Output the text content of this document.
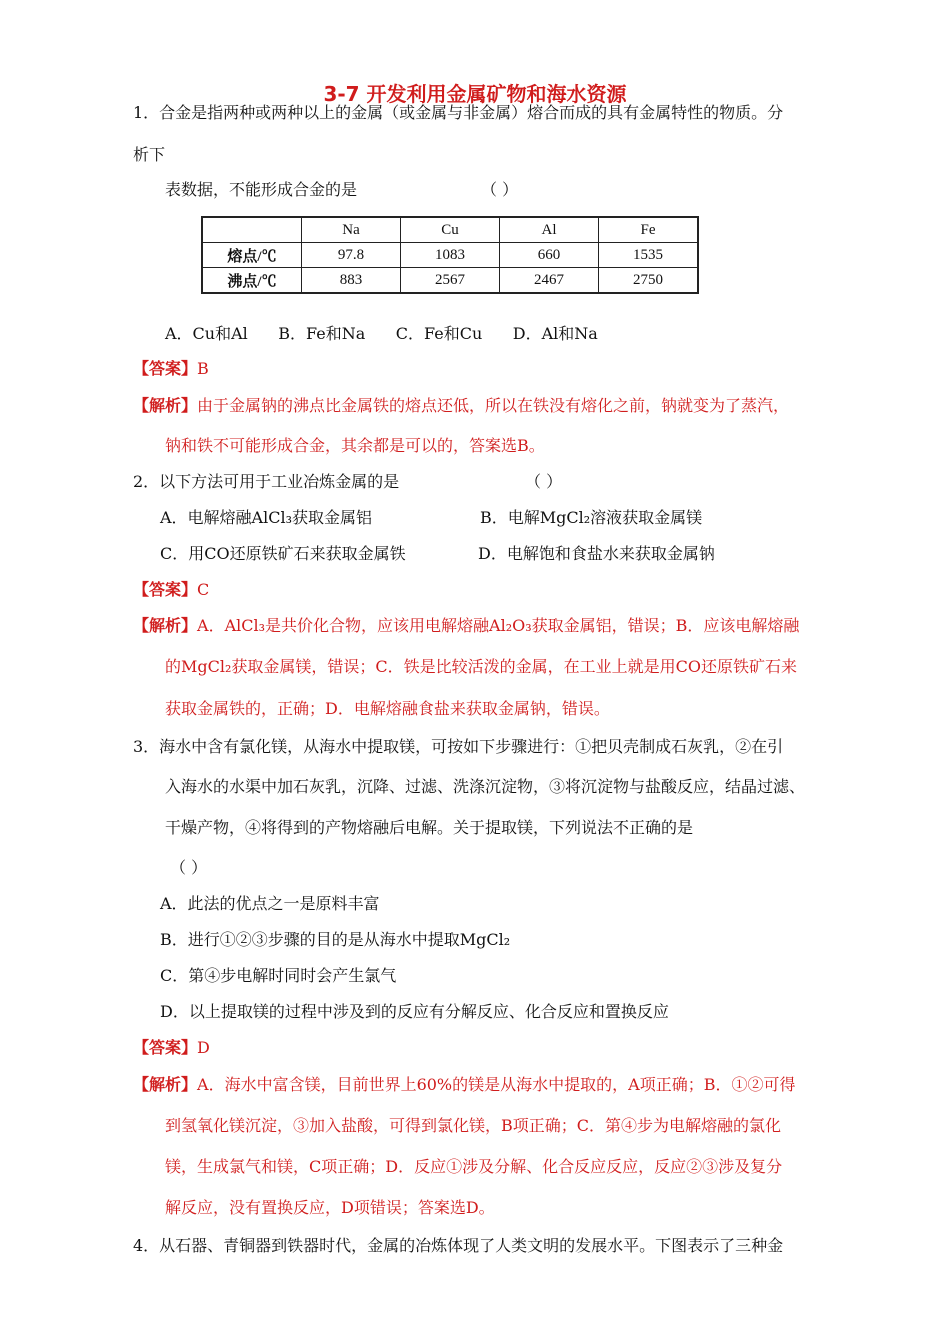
3-7 开发利用金属矿物和海水资源
1．合金是指两种或两种以上的金属（或金属与非金属）熔合而成的具有金属特性的物质。分
析下
表数据，不能形成合金的是	（ ）
	Na	Cu	Al	Fe
熔点/℃	97.8	1083	660	1535
沸点/℃	883	2567	2467	2750
A．Cu和Al      B．Fe和Na      C．Fe和Cu      D．Al和Na
【答案】B
【解析】由于金属钠的沸点比金属铁的熔点还低，所以在铁没有熔化之前，钠就变为了蒸汽，
钠和铁不可能形成合金，其余都是可以的，答案选B。
2．以下方法可用于工业冶炼金属的是	（ ）
A．电解熔融AlCl₃获取金属铝	B．电解MgCl₂溶液获取金属镁
C．用CO还原铁矿石来获取金属铁	D．电解饱和食盐水来获取金属钠
【答案】C
【解析】A．AlCl₃是共价化合物，应该用电解熔融Al₂O₃获取金属铝，错误；B．应该电解熔融
的MgCl₂获取金属镁，错误；C．铁是比较活泼的金属，在工业上就是用CO还原铁矿石来
获取金属铁的，正确；D．电解熔融食盐来获取金属钠，错误。
3．海水中含有氯化镁，从海水中提取镁，可按如下步骤进行：①把贝壳制成石灰乳，②在引
入海水的水渠中加石灰乳，沉降、过滤、洗涤沉淀物，③将沉淀物与盐酸反应，结晶过滤、
干燥产物，④将得到的产物熔融后电解。关于提取镁，下列说法不正确的是
（ ）
A．此法的优点之一是原料丰富
B．进行①②③步骤的目的是从海水中提取MgCl₂
C．第④步电解时同时会产生氯气
D．以上提取镁的过程中涉及到的反应有分解反应、化合反应和置换反应
【答案】D
【解析】A．海水中富含镁，目前世界上60%的镁是从海水中提取的，A项正确；B．①②可得
到氢氧化镁沉淀，③加入盐酸，可得到氯化镁，B项正确；C．第④步为电解熔融的氯化
镁，生成氯气和镁，C项正确；D．反应①涉及分解、化合反应反应，反应②③涉及复分
解反应，没有置换反应，D项错误；答案选D。
4．从石器、青铜器到铁器时代，金属的冶炼体现了人类文明的发展水平。下图表示了三种金
